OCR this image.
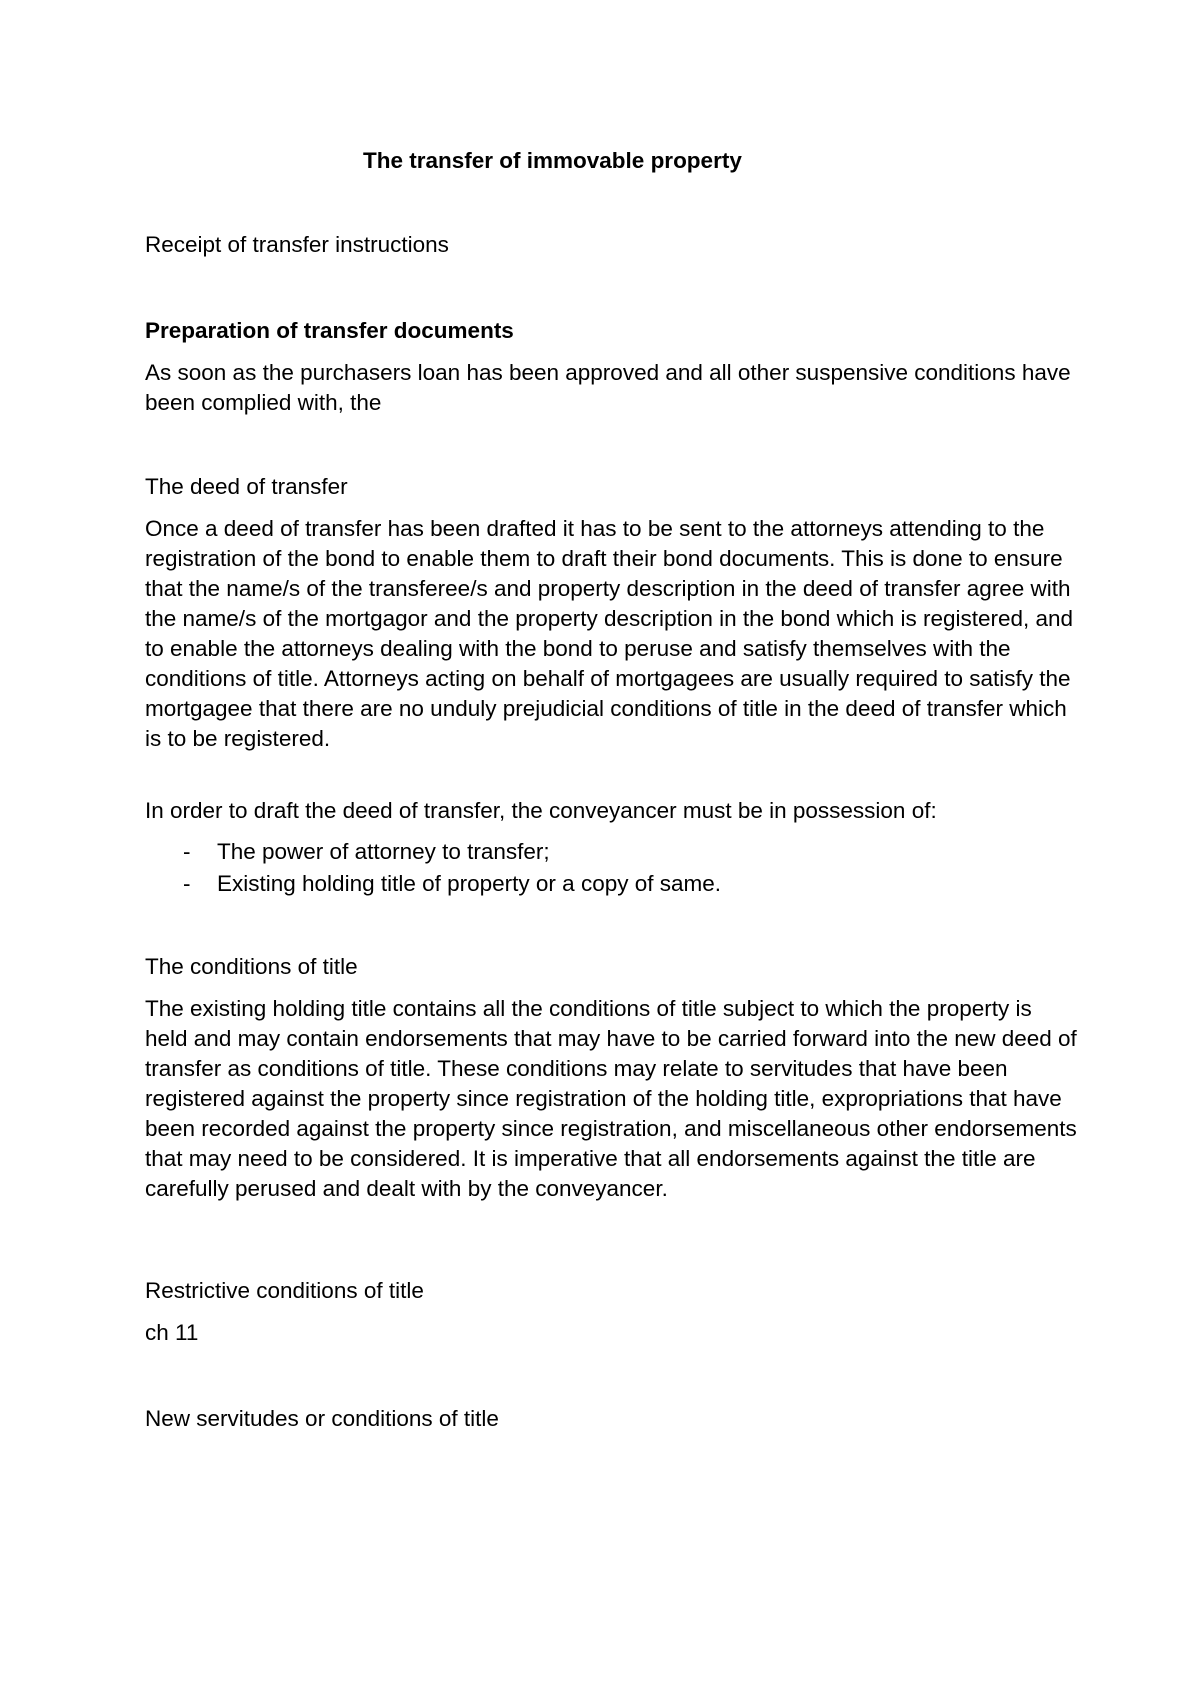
The transfer of immovable property
Receipt of transfer instructions
Preparation of transfer documents
As soon as the purchasers loan has been approved and all other suspensive conditions have been complied with, the
The deed of transfer
Once a deed of transfer has been drafted it has to be sent to the attorneys attending to the registration of the bond to enable them to draft their bond documents. This is done to ensure that the name/s of the transferee/s and property description in the deed of transfer agree with the name/s of the mortgagor and the property description in the bond which is registered, and to enable the attorneys dealing with the bond to peruse and satisfy themselves with the conditions of title. Attorneys acting on behalf of mortgagees are usually required to satisfy the mortgagee that there are no unduly prejudicial conditions of title in the deed of transfer which is to be registered.
In order to draft the deed of transfer, the conveyancer must be in possession of:
- The power of attorney to transfer;
- Existing holding title of property or a copy of same.
The conditions of title
The existing holding title contains all the conditions of title subject to which the property is held and may contain endorsements that may have to be carried forward into the new deed of transfer as conditions of title. These conditions may relate to servitudes that have been registered against the property since registration of the holding title, expropriations that have been recorded against the property since registration, and miscellaneous other endorsements that may need to be considered. It is imperative that all endorsements against the title are carefully perused and dealt with by the conveyancer.
Restrictive conditions of title
ch 11
New servitudes or conditions of title
